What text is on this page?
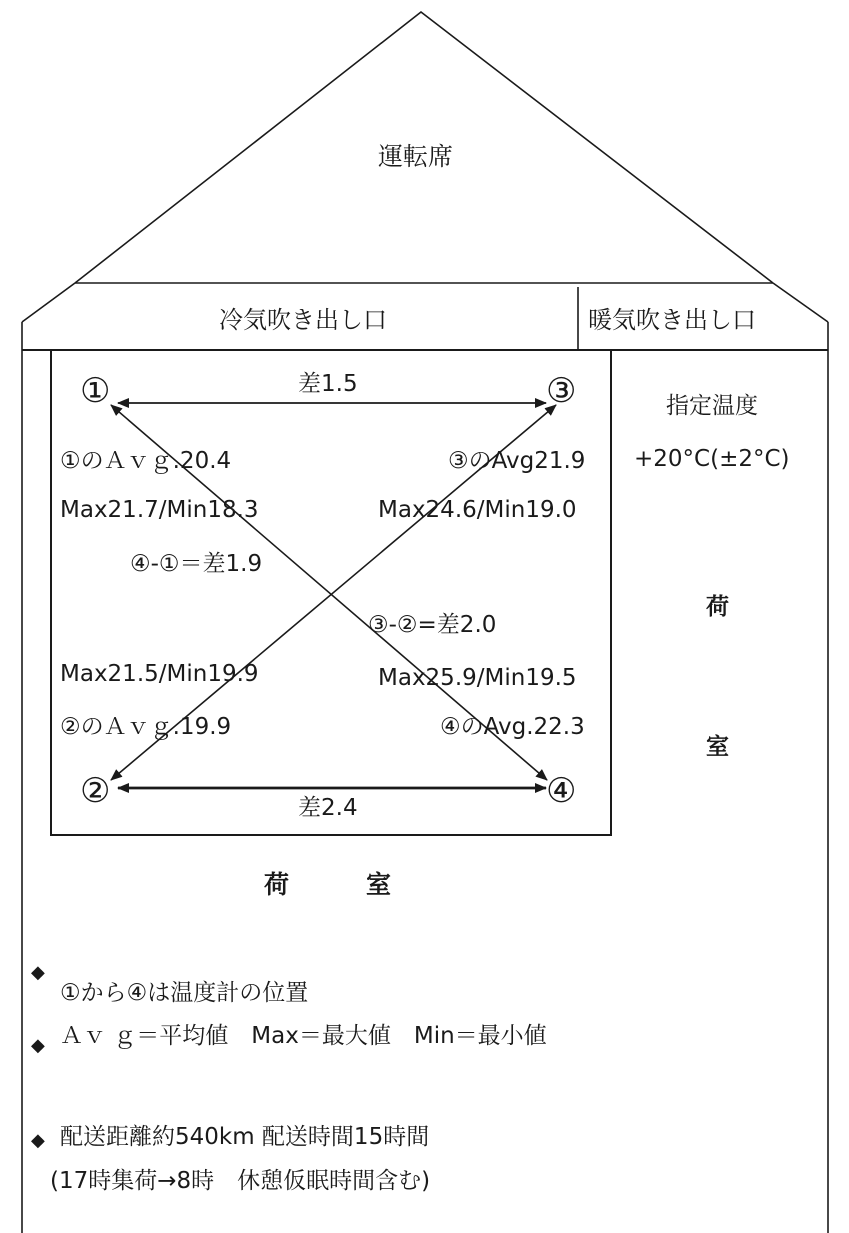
運転席
冷気吹き出し口	暖気吹き出し口
①	③
②	④
差1.5
差2.4
④-①＝差1.9
③-②=差2.0
①のＡｖｇ.20.4
Max21.7/Min18.3
③のAvg21.9
Max24.6/Min19.0
Max21.5/Min19.9
②のＡｖｇ.19.9
Max25.9/Min19.5
④のAvg.22.3
指定温度
+20°C(±2°C)
荷
室
荷	室
◆
①から④は温度計の位置
◆ Ａｖ ｇ＝平均値　Max＝最大値　Min＝最小値
◆ 配送距離約540km 配送時間15時間
(17時集荷→8時　休憩仮眠時間含む)
